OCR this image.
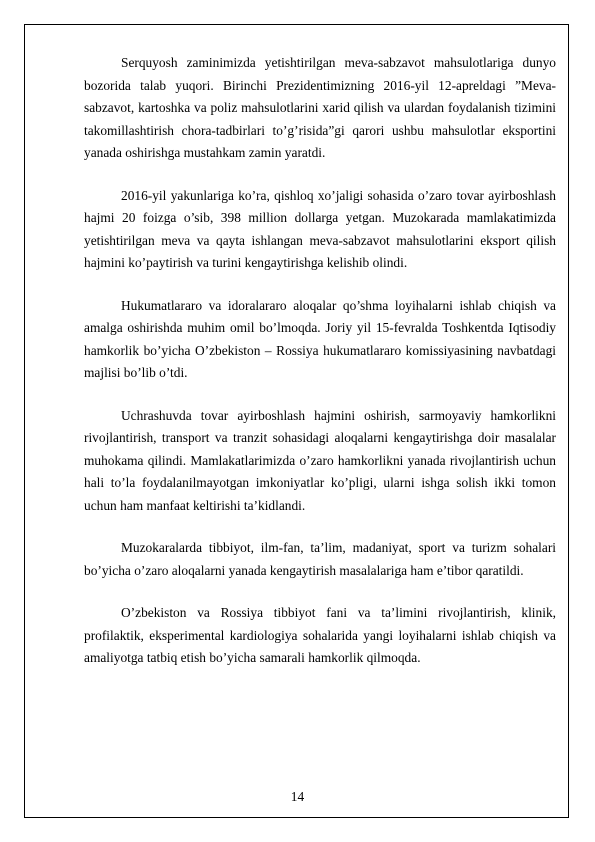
Serquyosh zaminimizda yetishtirilgan meva-sabzavot mahsulotlariga dunyo bozorida talab yuqori. Birinchi Prezidentimizning 2016-yil 12-apreldagi ”Meva-sabzavot, kartoshka va poliz mahsulotlarini xarid qilish va ulardan foydalanish tizimini takomillashtirish chora-tadbirlari to’g’risida”gi qarori ushbu mahsulotlar eksportini yanada oshirishga mustahkam zamin yaratdi.

2016-yil yakunlariga ko’ra, qishloq xo’jaligi sohasida o’zaro tovar ayirboshlash hajmi 20 foizga o’sib, 398 million dollarga yetgan. Muzokarada mamlakatimizda yetishtirilgan meva va qayta ishlangan meva-sabzavot mahsulotlarini eksport qilish hajmini ko’paytirish va turini kengaytirishga kelishib olindi.

Hukumatlararo va idoralararo aloqalar qo’shma loyihalarni ishlab chiqish va amalga oshirishda muhim omil bo’lmoqda. Joriy yil 15-fevralda Toshkentda Iqtisodiy hamkorlik bo’yicha O’zbekiston – Rossiya hukumatlararo komissiyasining navbatdagi majlisi bo’lib o’tdi.

Uchrashuvda tovar ayirboshlash hajmini oshirish, sarmoyaviy hamkorlikni rivojlantirish, transport va tranzit sohasidagi aloqalarni kengaytirishga doir masalalar muhokama qilindi. Mamlakatlarimizda o’zaro hamkorlikni yanada rivojlantirish uchun hali to’la foydalanilmayotgan imkoniyatlar ko’pligi, ularni ishga solish ikki tomon uchun ham manfaat keltirishi ta’kidlandi.

Muzokaralarda tibbiyot, ilm-fan, ta’lim, madaniyat, sport va turizm sohalari bo’yicha o’zaro aloqalarni yanada kengaytirish masalalariga ham e’tibor qaratildi.

O’zbekiston va Rossiya tibbiyot fani va ta’limini rivojlantirish, klinik, profilaktik, eksperimental kardiologiya sohalarida yangi loyihalarni ishlab chiqish va amaliyotga tatbiq etish bo’yicha samarali hamkorlik qilmoqda.

14
